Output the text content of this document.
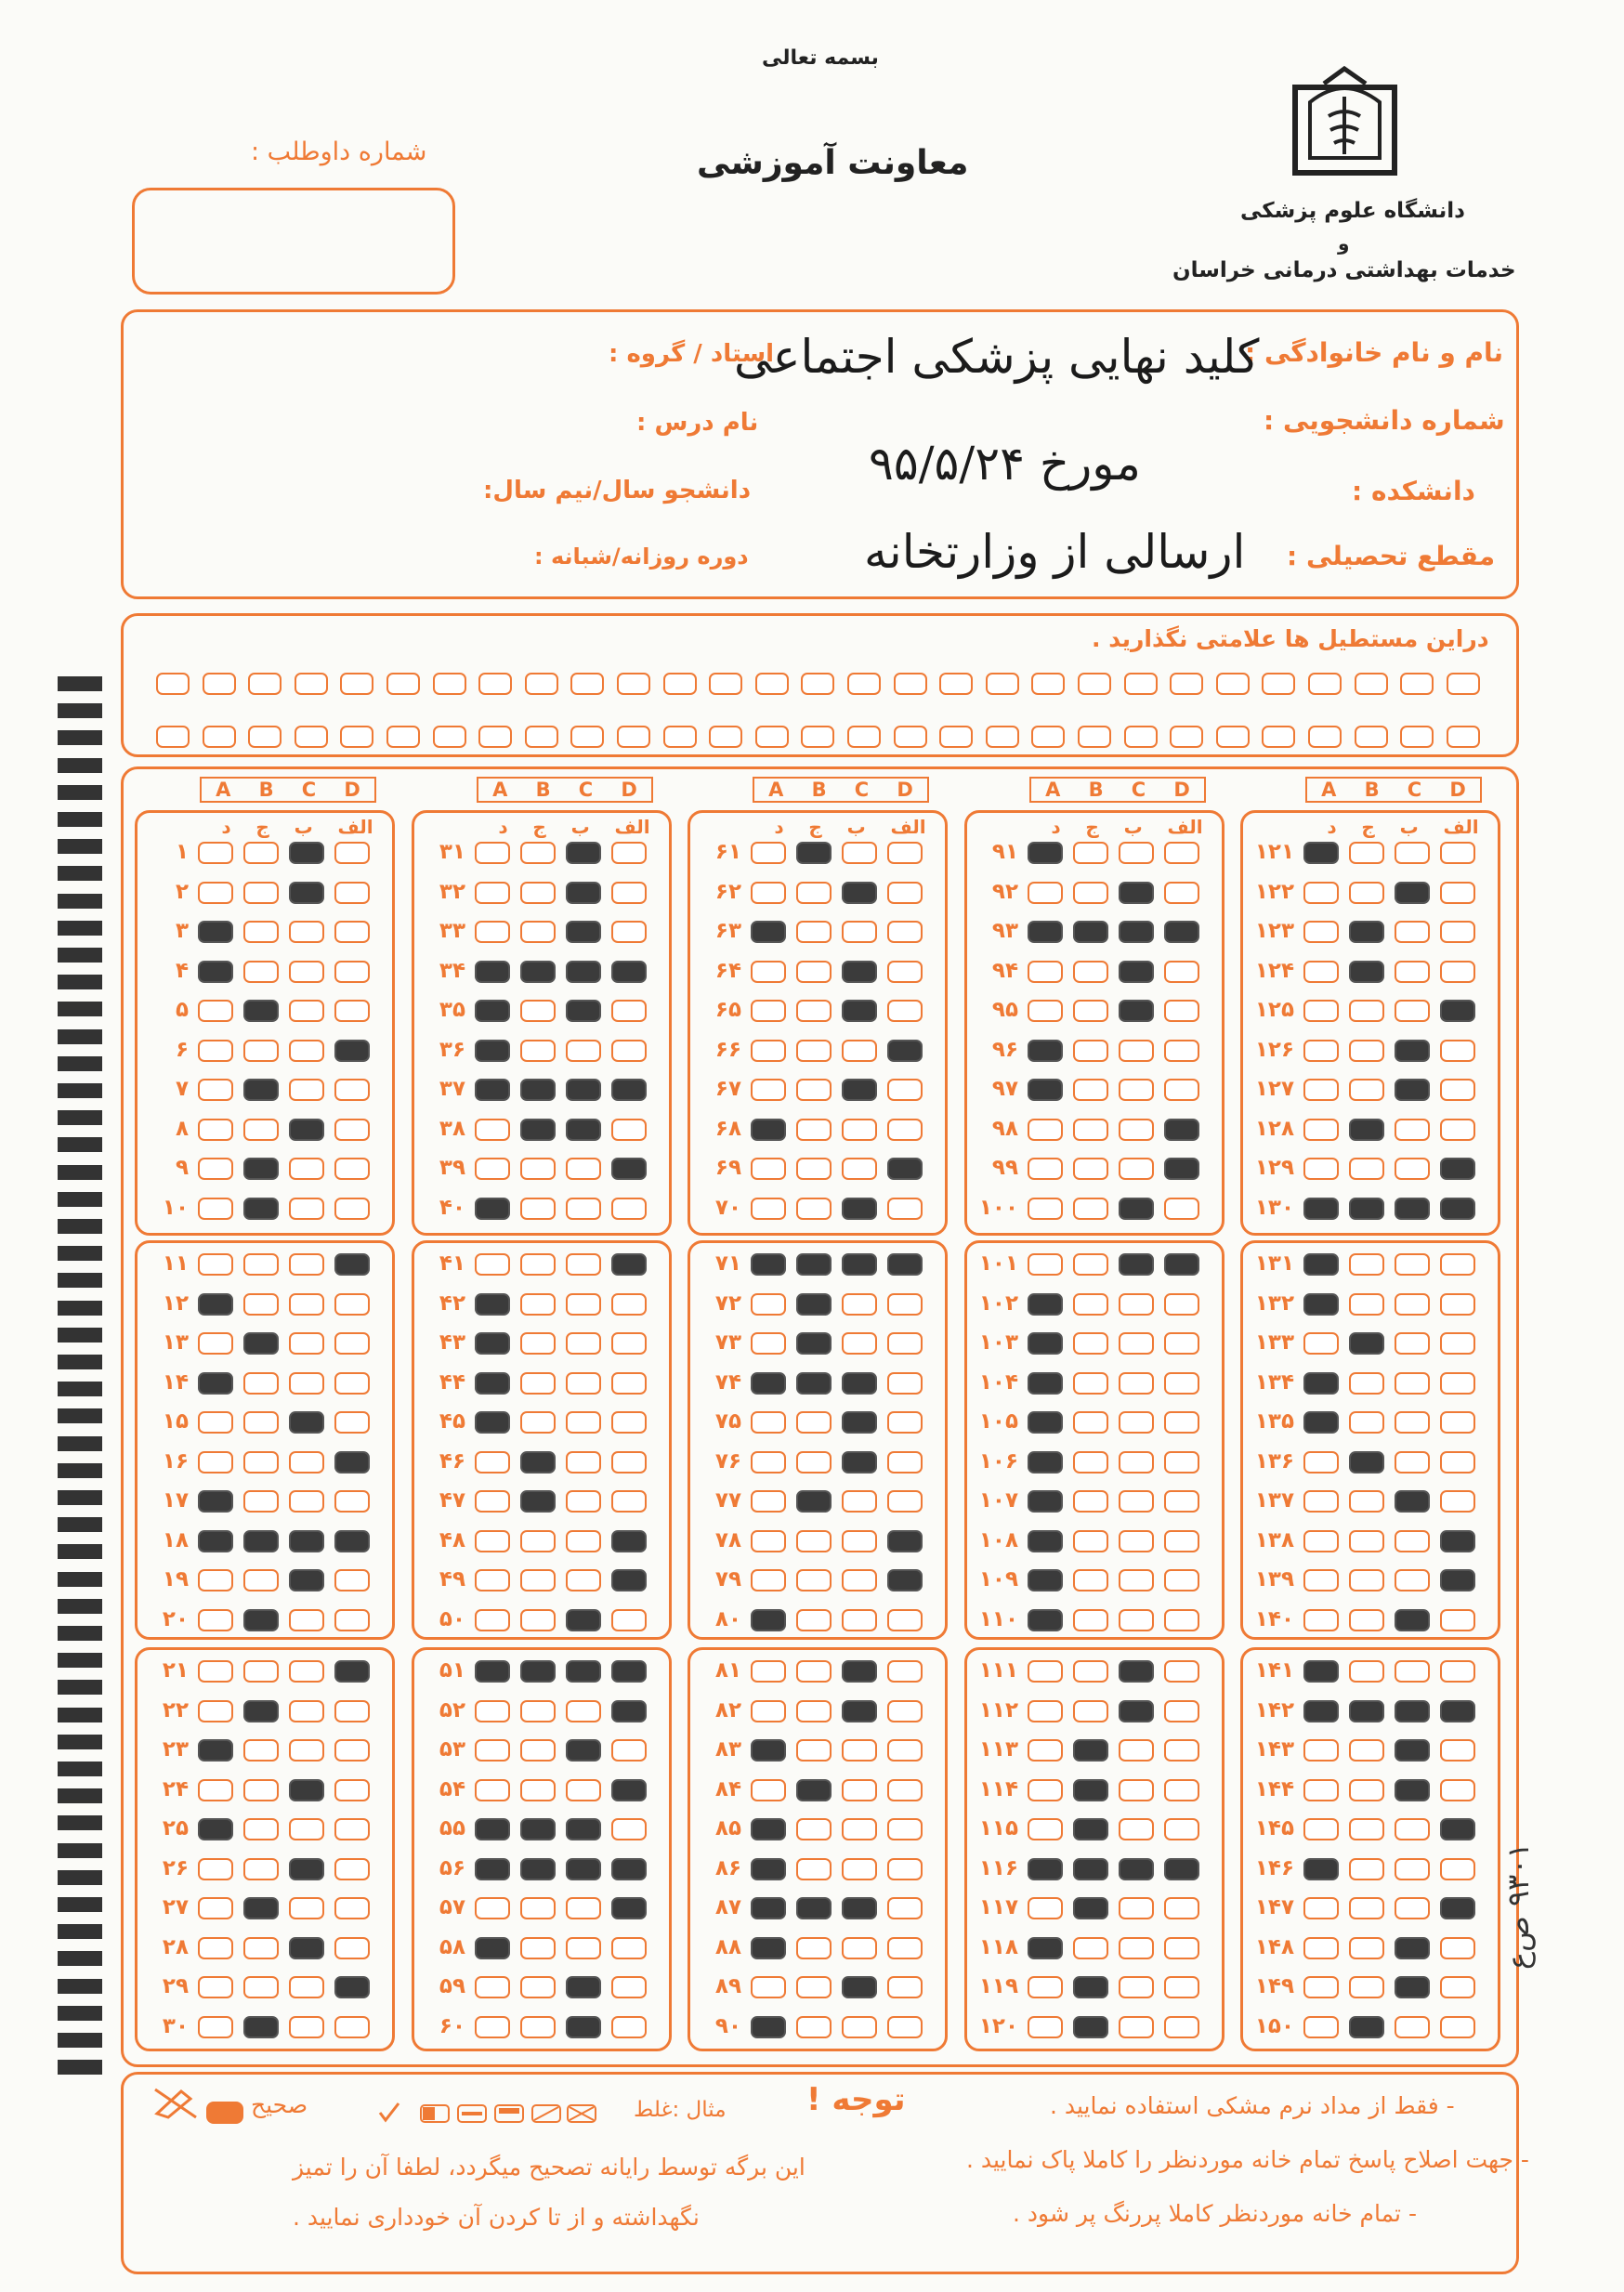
بسمه تعالی
معاونت آموزشی
شماره داوطلب :
دانشگاه علوم پزشکی
و
خدمات بهداشتی درمانی خراسان
نام و نام خانوادگی :
استاد / گروه :
شماره دانشجویی :
نام درس :
دانشکده :
دانشجو سال/نیم سال:
مقطع تحصیلی :
دوره روزانه/شبانه :
کلید نهایی پزشکی اجتماعی
مورخ ۹۵/۵/۲۴
ارسالی از وزارتخانه
دراین مستطیل ها علامتی نگذارید .
A B C D
الف
ب
ج
د
۱
۲
۳
۴
۵
۶
۷
۸
۹
۱۰
۱۱
۱۲
۱۳
۱۴
۱۵
۱۶
۱۷
۱۸
۱۹
۲۰
۲۱
۲۲
۲۳
۲۴
۲۵
۲۶
۲۷
۲۸
۲۹
۳۰
A B C D
الف
ب
ج
د
۳۱
۳۲
۳۳
۳۴
۳۵
۳۶
۳۷
۳۸
۳۹
۴۰
۴۱
۴۲
۴۳
۴۴
۴۵
۴۶
۴۷
۴۸
۴۹
۵۰
۵۱
۵۲
۵۳
۵۴
۵۵
۵۶
۵۷
۵۸
۵۹
۶۰
A B C D
الف
ب
ج
د
۶۱
۶۲
۶۳
۶۴
۶۵
۶۶
۶۷
۶۸
۶۹
۷۰
۷۱
۷۲
۷۳
۷۴
۷۵
۷۶
۷۷
۷۸
۷۹
۸۰
۸۱
۸۲
۸۳
۸۴
۸۵
۸۶
۸۷
۸۸
۸۹
۹۰
A B C D
الف
ب
ج
د
۹۱
۹۲
۹۳
۹۴
۹۵
۹۶
۹۷
۹۸
۹۹
۱۰۰
۱۰۱
۱۰۲
۱۰۳
۱۰۴
۱۰۵
۱۰۶
۱۰۷
۱۰۸
۱۰۹
۱۱۰
۱۱۱
۱۱۲
۱۱۳
۱۱۴
۱۱۵
۱۱۶
۱۱۷
۱۱۸
۱۱۹
۱۲۰
A B C D
الف
ب
ج
د
۱۲۱
۱۲۲
۱۲۳
۱۲۴
۱۲۵
۱۲۶
۱۲۷
۱۲۸
۱۲۹
۱۳۰
۱۳۱
۱۳۲
۱۳۳
۱۳۴
۱۳۵
۱۳۶
۱۳۷
۱۳۸
۱۳۹
۱۴۰
۱۴۱
۱۴۲
۱۴۳
۱۴۴
۱۴۵
۱۴۶
۱۴۷
۱۴۸
۱۴۹
۱۵۰
۹۳۰۱ ص‌ع
توجه !	- فقط از مداد نرم مشکی استفاده نمایید .
- جهت اصلاح پاسخ تمام خانه موردنظر را کاملا پاک نمایید .
- تمام خانه موردنظر کاملا پررنگ پر شود .
مثال :غلط
صحیح
این برگه توسط رایانه تصحیح میگردد، لطفا آن را تمیز
نگهداشته و از تا کردن آن خودداری نمایید .
